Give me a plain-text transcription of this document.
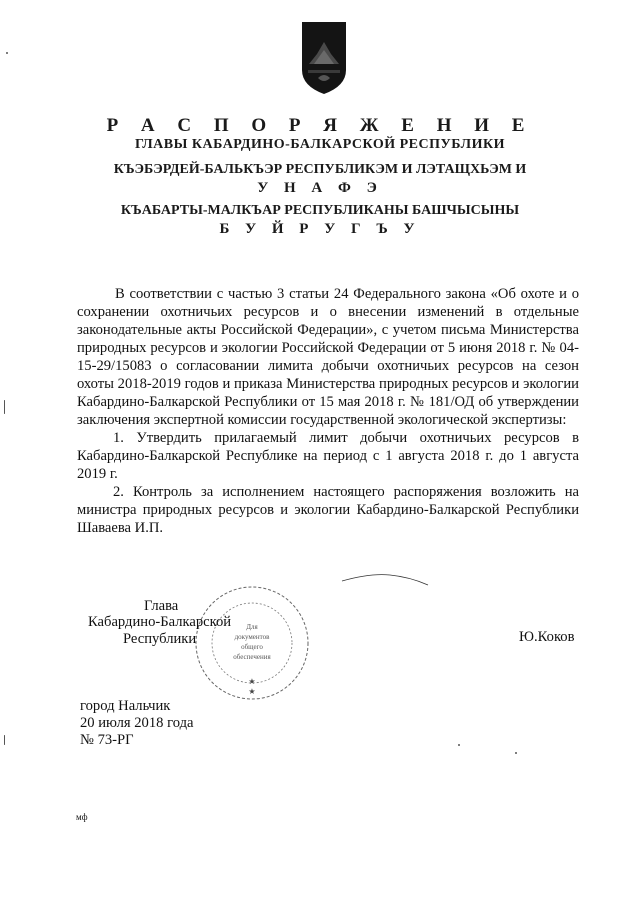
Р А С П О Р Я Ж Е Н И Е
ГЛАВЫ КАБАРДИНО-БАЛКАРСКОЙ РЕСПУБЛИКИ
КЪЭБЭРДЕЙ-БАЛЬКЪЭР РЕСПУБЛИКЭМ И ЛЭТАЩХЬЭМ И
У Н А Ф Э
КЪАБАРТЫ-МАЛКЪАР РЕСПУБЛИКАНЫ БАШЧЫСЫНЫ
Б У Й Р У Г Ъ У

В соответствии с частью 3 статьи 24 Федерального закона «Об охоте и о сохранении охотничьих ресурсов и о внесении изменений в отдельные законодательные акты Российской Федерации», с учетом письма Министерства природных ресурсов и экологии Российской Федерации от 5 июня 2018 г. № 04-15-29/15083 о согласовании лимита добычи охотничьих ресурсов на сезон охоты 2018-2019 годов и приказа Министерства природных ресурсов и экологии Кабардино-Балкарской Республики от 15 мая 2018 г. № 181/ОД об утверждении заключения экспертной комиссии государственной экологической экспертизы:

1. Утвердить прилагаемый лимит добычи охотничьих ресурсов в Кабардино-Балкарской Республике на период с 1 августа 2018 г. до 1 августа 2019 г.

2. Контроль за исполнением настоящего распоряжения возложить на министра природных ресурсов и экологии Кабардино-Балкарской Республики Шаваева И.П.

Для
документов
общего
обеспечения
★
★
Глава
Кабардино-Балкарской
Республики	Ю.Коков
город Нальчик
20 июля 2018 года
№ 73-РГ
мф
